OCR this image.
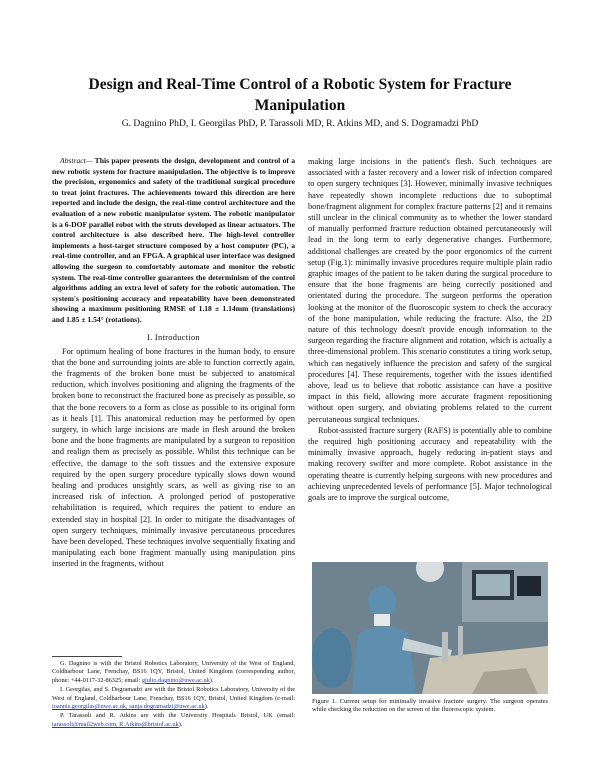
Design and Real-Time Control of a Robotic System for Fracture Manipulation
G. Dagnino PhD, I. Georgilas PhD, P. Tarassoli MD, R. Atkins MD, and S. Dogramadzi PhD

Abstract— This paper presents the design, development and control of a new robotic system for fracture manipulation. The objective is to improve the precision, ergonomics and safety of the traditional surgical procedure to treat joint fractures. The achievements toward this direction are here reported and include the design, the real-time control architecture and the evaluation of a new robotic manipulator system. The robotic manipulator is a 6-DOF parallel robot with the struts developed as linear actuators. The control architecture is also described here. The high-level controller implements a host-target structure composed by a host computer (PC), a real-time controller, and an FPGA. A graphical user interface was designed allowing the surgeon to comfortably automate and monitor the robotic system. The real-time controller guarantees the determinism of the control algorithms adding an extra level of safety for the robotic automation. The system's positioning accuracy and repeatability have been demonstrated showing a maximum positioning RMSE of 1.18 ± 1.14mm (translations) and 1.85 ± 1.54° (rotations).

I. Introduction

For optimum healing of bone fractures in the human body, to ensure that the bone and surrounding joints are able to function correctly again, the fragments of the broken bone must be subjected to anatomical reduction, which involves positioning and aligning the fragments of the broken bone to reconstruct the fractured bone as precisely as possible, so that the bone recovers to a form as close as possible to its original form as it heals [1]. This anatomical reduction may be performed by open surgery, in which large incisions are made in flesh around the broken bone and the bone fragments are manipulated by a surgeon to reposition and realign them as precisely as possible. Whilst this technique can be effective, the damage to the soft tissues and the extensive exposure required by the open surgery procedure typically slows down wound healing and produces unsightly scars, as well as giving rise to an increased risk of infection. A prolonged period of postoperative rehabilitation is required, which requires the patient to endure an extended stay in hospital [2]. In order to mitigate the disadvantages of open surgery techniques, minimally invasive percutaneous procedures have been developed. These techniques involve sequentially fixating and manipulating each bone fragment manually using manipulation pins inserted in the fragments, without

making large incisions in the patient's flesh. Such techniques are associated with a faster recovery and a lower risk of infection compared to open surgery techniques [3]. However, minimally invasive techniques have repeatedly shown incomplete reductions due to suboptimal bone/fragment alignment for complex fracture patterns [2] and it remains still unclear in the clinical community as to whether the lower standard of manually performed fracture reduction obtained percutaneously will lead in the long term to early degenerative changes. Furthermore, additional challenges are created by the poor ergonomics of the current setup (Fig.1): minimally invasive procedures require multiple plain radio graphic images of the patient to be taken during the surgical procedure to ensure that the bone fragments are being correctly positioned and orientated during the procedure. The surgeon performs the operation looking at the monitor of the fluoroscopic system to check the accuracy of the bone manipulation, while reducing the fracture. Also, the 2D nature of this technology doesn't provide enough information to the surgeon regarding the fracture alignment and rotation, which is actually a three-dimensional problem. This scenario constitutes a tiring work setup, which can negatively influence the precision and safety of the surgical procedures [4]. These requirements, together with the issues identified above, lead us to believe that robotic assistance can have a positive impact in this field, allowing more accurate fragment repositioning without open surgery, and obviating problems related to the current percutaneous surgical techniques.

Robot-assisted fracture surgery (RAFS) is potentially able to combine the required high positioning accuracy and repeatability with the minimally invasive approach, hugely reducing in-patient stays and making recovery swifter and more complete. Robot assistance in the operating theatre is currently helping surgeons with new procedures and achieving unprecedented levels of performance [5]. Major technological goals are to improve the surgical outcome,

G. Dagnino is with the Bristol Robotics Laboratory, University of the West of England, Coldharbour Lane, Frenchay, BS16 1QY, Bristol, United Kingdom (corresponding author, phone: +44-0117-32-86325; email: giulio.dagnino@uwe.ac.uk).

I. Georgilas, and S. Dogramadzi are with the Bristol Robotics Laboratory, University of the West of England, Coldharbour Lane, Frenchay, BS16 1QY, Bristol, United Kingdom (e-mail: ioannis.georgilas@uwe.ac.uk, sanja.dogramadzi@uwe.ac.uk).

P. Tarassoli and R. Atkins are with the University Hospitals Bristol, UK (email: tarassoli@mail2web.com, R.Atkins@bristol.ac.uk).

Figure 1. Current setup for minimally invasive fracture surgery. The surgeon operates while checking the reduction on the screen of the fluoroscopic system.
